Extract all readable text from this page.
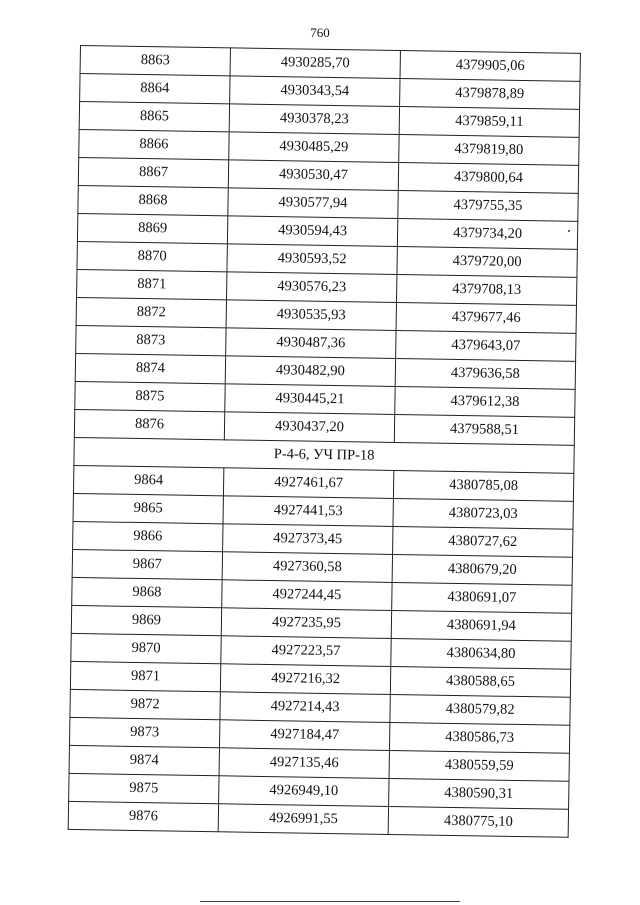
760
8863	4930285,70	4379905,06
8864	4930343,54	4379878,89
8865	4930378,23	4379859,11
8866	4930485,29	4379819,80
8867	4930530,47	4379800,64
8868	4930577,94	4379755,35
8869	4930594,43	4379734,20
8870	4930593,52	4379720,00
8871	4930576,23	4379708,13
8872	4930535,93	4379677,46
8873	4930487,36	4379643,07
8874	4930482,90	4379636,58
8875	4930445,21	4379612,38
8876	4930437,20	4379588,51
Р-4-6, УЧ ПР-18		
9864	4927461,67	4380785,08
9865	4927441,53	4380723,03
9866	4927373,45	4380727,62
9867	4927360,58	4380679,20
9868	4927244,45	4380691,07
9869	4927235,95	4380691,94
9870	4927223,57	4380634,80
9871	4927216,32	4380588,65
9872	4927214,43	4380579,82
9873	4927184,47	4380586,73
9874	4927135,46	4380559,59
9875	4926949,10	4380590,31
9876	4926991,55	4380775,10
